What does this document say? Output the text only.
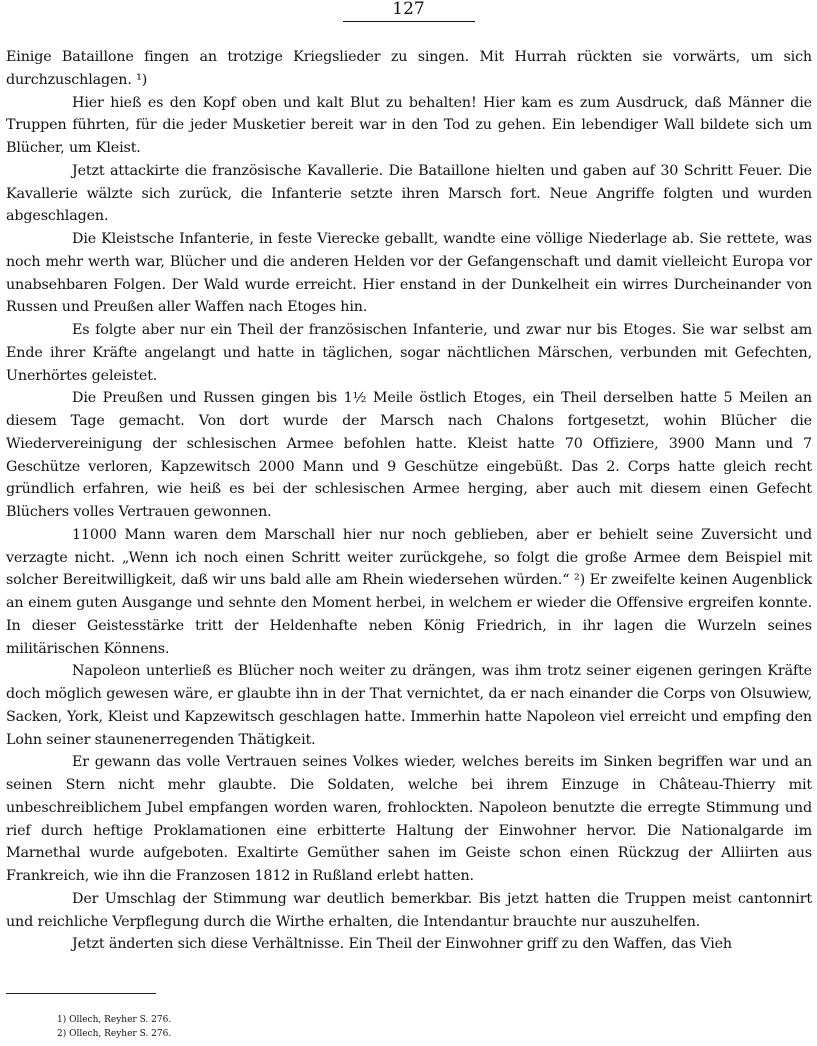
127

Einige Bataillone fingen an trotzige Kriegslieder zu singen. Mit Hurrah rückten sie vorwärts, um sich durchzuschlagen. ¹)

Hier hieß es den Kopf oben und kalt Blut zu behalten! Hier kam es zum Ausdruck, daß Männer die Truppen führten, für die jeder Musketier bereit war in den Tod zu gehen. Ein lebendiger Wall bildete sich um Blücher, um Kleist.

Jetzt attackirte die französische Kavallerie. Die Bataillone hielten und gaben auf 30 Schritt Feuer. Die Kavallerie wälzte sich zurück, die Infanterie setzte ihren Marsch fort. Neue Angriffe folgten und wurden abgeschlagen.

Die Kleistsche Infanterie, in feste Vierecke geballt, wandte eine völlige Niederlage ab. Sie rettete, was noch mehr werth war, Blücher und die anderen Helden vor der Gefangenschaft und damit vielleicht Europa vor unabsehbaren Folgen. Der Wald wurde erreicht. Hier enstand in der Dunkelheit ein wirres Durcheinander von Russen und Preußen aller Waffen nach Etoges hin.

Es folgte aber nur ein Theil der französischen Infanterie, und zwar nur bis Etoges. Sie war selbst am Ende ihrer Kräfte angelangt und hatte in täglichen, sogar nächtlichen Märschen, verbunden mit Gefechten, Unerhörtes geleistet.

Die Preußen und Russen gingen bis 1½ Meile östlich Etoges, ein Theil derselben hatte 5 Meilen an diesem Tage gemacht. Von dort wurde der Marsch nach Chalons fortgesetzt, wohin Blücher die Wiedervereinigung der schlesischen Armee befohlen hatte. Kleist hatte 70 Offiziere, 3900 Mann und 7 Geschütze verloren, Kapzewitsch 2000 Mann und 9 Geschütze eingebüßt. Das 2. Corps hatte gleich recht gründlich erfahren, wie heiß es bei der schlesischen Armee herging, aber auch mit diesem einen Gefecht Blüchers volles Vertrauen gewonnen.

11000 Mann waren dem Marschall hier nur noch geblieben, aber er behielt seine Zuversicht und verzagte nicht. „Wenn ich noch einen Schritt weiter zurückgehe, so folgt die große Armee dem Beispiel mit solcher Bereitwilligkeit, daß wir uns bald alle am Rhein wiedersehen würden.“ ²) Er zweifelte keinen Augenblick an einem guten Ausgange und sehnte den Moment herbei, in welchem er wieder die Offensive ergreifen konnte. In dieser Geistesstärke tritt der Heldenhafte neben König Friedrich, in ihr lagen die Wurzeln seines militärischen Könnens.

Napoleon unterließ es Blücher noch weiter zu drängen, was ihm trotz seiner eigenen geringen Kräfte doch möglich gewesen wäre, er glaubte ihn in der That vernichtet, da er nach einander die Corps von Olsuwiew, Sacken, York, Kleist und Kapzewitsch geschlagen hatte. Immerhin hatte Napoleon viel erreicht und empfing den Lohn seiner staunenerregenden Thätigkeit.

Er gewann das volle Vertrauen seines Volkes wieder, welches bereits im Sinken begriffen war und an seinen Stern nicht mehr glaubte. Die Soldaten, welche bei ihrem Einzuge in Château-Thierry mit unbeschreiblichem Jubel empfangen worden waren, frohlockten. Napoleon benutzte die erregte Stimmung und rief durch heftige Proklamationen eine erbitterte Haltung der Einwohner hervor. Die Nationalgarde im Marnethal wurde aufgeboten. Exaltirte Gemüther sahen im Geiste schon einen Rückzug der Alliirten aus Frankreich, wie ihn die Franzosen 1812 in Rußland erlebt hatten.

Der Umschlag der Stimmung war deutlich bemerkbar. Bis jetzt hatten die Truppen meist cantonnirt und reichliche Verpflegung durch die Wirthe erhalten, die Intendantur brauchte nur auszuhelfen.

Jetzt änderten sich diese Verhältnisse. Ein Theil der Einwohner griff zu den Waffen, das Vieh

1) Ollech, Reyher S. 276.
2) Ollech, Reyher S. 276.
